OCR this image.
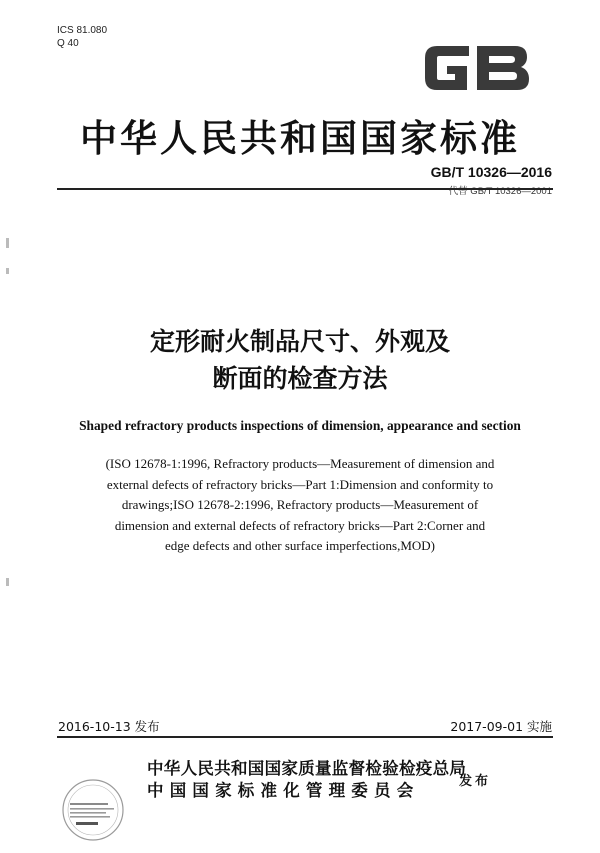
ICS 81.080
Q 40
中华人民共和国国家标准
GB/T 10326—2016
代替 GB/T 10326—2001
定形耐火制品尺寸、外观及
断面的检查方法
Shaped refractory products inspections of dimension, appearance and section
(ISO 12678-1:1996, Refractory products—Measurement of dimension and
external defects of refractory bricks—Part 1:Dimension and conformity to
drawings;ISO 12678-2:1996, Refractory products—Measurement of
dimension and external defects of refractory bricks—Part 2:Corner and
edge defects and other surface imperfections,MOD)
2016-10-13 发布	2017-09-01 实施
中华人民共和国国家质量监督检验检疫总局
中国国家标准化管理委员会	发布
